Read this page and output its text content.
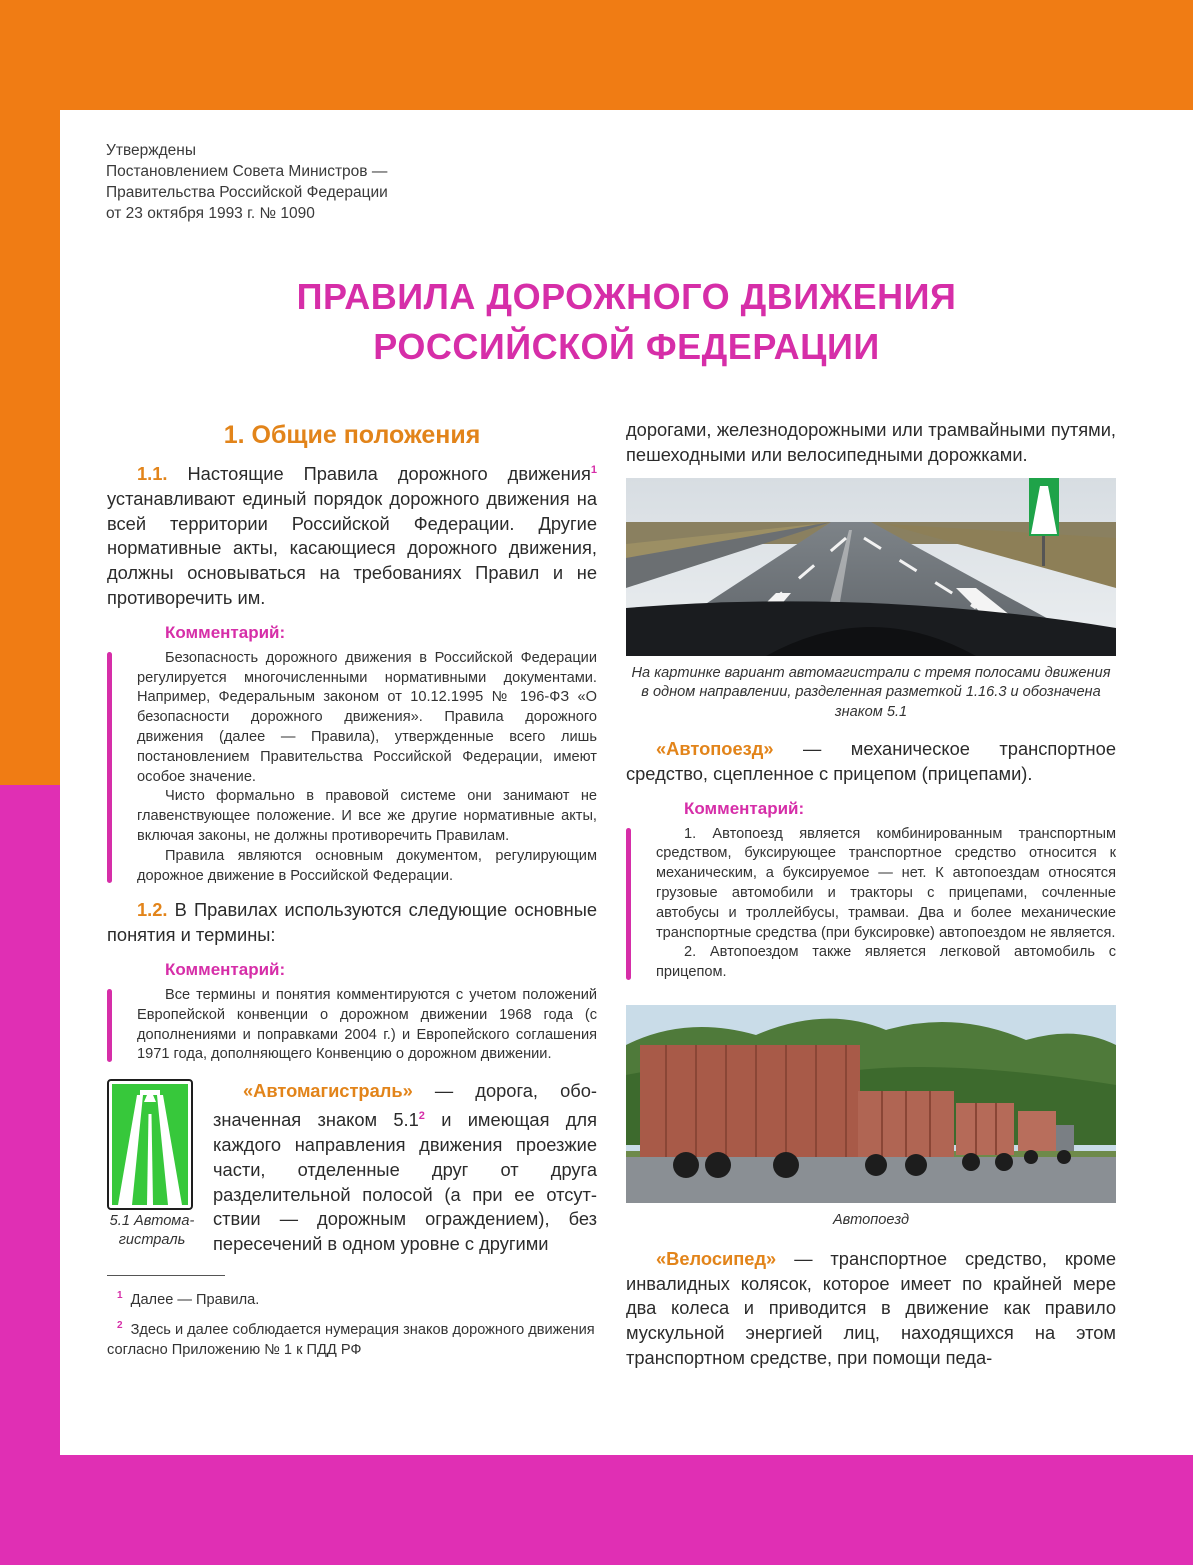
Утверждены
Постановлением Совета Министров —
Правительства Российской Федерации
от 23 октября 1993 г. № 1090
ПРАВИЛА ДОРОЖНОГО ДВИЖЕНИЯ
РОССИЙСКОЙ ФЕДЕРАЦИИ
1. Общие положения

1.1. Настоящие Правила дорожного движения$^1$ устанавливают единый порядок дорожного движения на всей территории Российской Федерации. Другие нормативные акты, касающиеся дорожного движения, должны основываться на требованиях Правил и не противоречить им.

Комментарий:

Безопасность дорожного движения в Российской Федерации регулируется многочисленными нормативными документами. Например, Федеральным законом от 10.12.1995 № 196-ФЗ «О безопасности дорожного движения». Правила дорожного движения (далее — Правила), утвержденные всего лишь постановлением Правительства Российской Федерации, имеют особое значение.

Чисто формально в правовой системе они занимают не главенствующее положение. И все же другие нормативные акты, включая законы, не должны противоречить Правилам.

Правила являются основным документом, регулирующим дорожное движение в Российской Федерации.

1.2. В Правилах используются следующие основные понятия и термины:

Комментарий:

Все термины и понятия комментируются с учетом положений Европейской конвенции о дорожном движении 1968 года (с дополнениями и поправками 2004 г.) и Европейского соглашения 1971 года, дополняющего Конвенцию о дорожном движении.

5.1 Автомагистраль

«Автомагистраль» — дорога, обозначенная знаком 5.1$^2$ и имеющая для каждого направления движения проезжие части, отделенные друг от друга разделительной полосой (а при ее отсутствии — дорожным ограждением), без пересечений в одном уровне с другими

$^1$ Далее — Правила.

$^2$ Здесь и далее соблюдается нумерация знаков дорожного движения согласно Приложению № 1 к ПДД РФ

дорогами, железнодорожными или трамвайными путями, пешеходными или велосипедными дорожками.

На картинке вариант автомагистрали с тремя полосами движения в одном направлении, разделенная разметкой 1.16.3 и обозначена знаком 5.1

«Автопоезд» — механическое транспортное средство, сцепленное с прицепом (прицепами).

Комментарий:

1. Автопоезд является комбинированным транспортным средством, буксирующее транспортное средство относится к механическим, а буксируемое — нет. К автопоездам относятся грузовые автомобили и тракторы с прицепами, сочленные автобусы и троллейбусы, трамваи. Два и более механические транспортные средства (при буксировке) автопоездом не является.

2. Автопоездом также является легковой автомобиль с прицепом.

Автопоезд

«Велосипед» — транспортное средство, кроме инвалидных колясок, которое имеет по крайней мере два колеса и приводится в движение как правило мускульной энергией лиц, находящихся на этом транспортном средстве, при помощи педа-
